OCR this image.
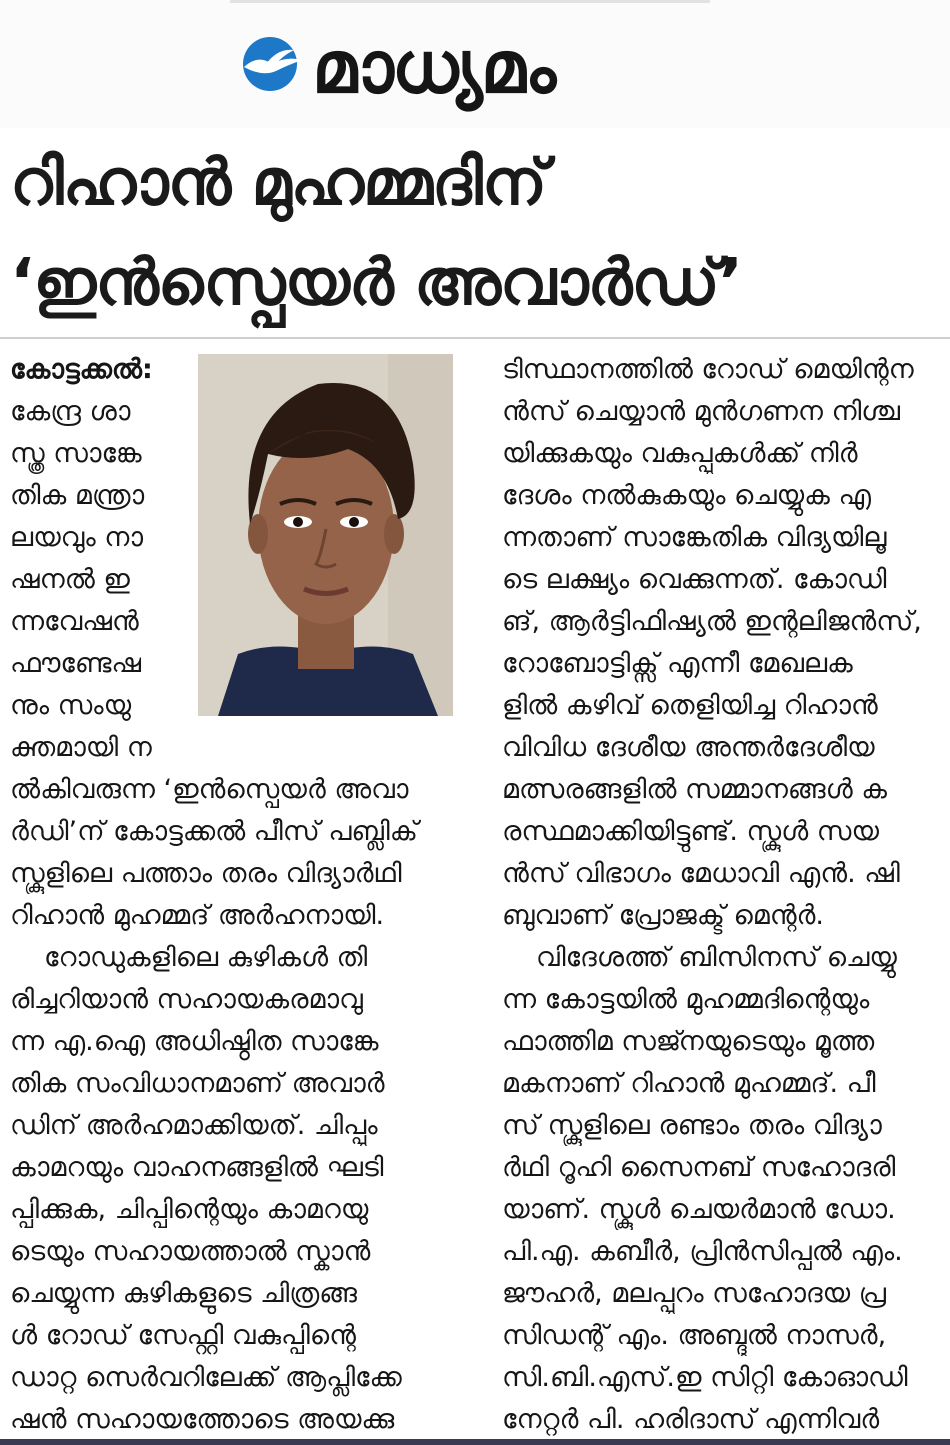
മാധ്യമം
റിഹാൻ മുഹമ്മദിന്
‘ഇൻസ്പെയർ അവാർഡ്’
കോട്ടക്കൽ:
കേന്ദ്ര ശാ
സ്ത്ര സാങ്കേ
തിക മന്ത്രാ
ലയവും നാ
ഷനൽ ഇ
ന്നവേഷൻ
ഫൗണ്ടേഷ
നും സംയു
ക്തമായി ന
ൽകിവരുന്ന ‘ഇൻസ്പെയർ അവാ
ർഡി’ന് കോട്ടക്കൽ പീസ് പബ്ലിക്
സ്കൂളിലെ പത്താം തരം വിദ്യാർഥി
റിഹാൻ മുഹമ്മദ് അർഹനായി.
റോഡുകളിലെ കുഴികൾ തി
രിച്ചറിയാൻ സഹായകരമാവു
ന്ന എ.ഐ അധിഷ്ഠിത സാങ്കേ
തിക സംവിധാനമാണ് അവാർ
ഡിന് അർഹമാക്കിയത്. ചിപ്പും
കാമറയും വാഹനങ്ങളിൽ ഘടി
പ്പിക്കുക, ചിപ്പിന്റെയും കാമറയു
ടെയും സഹായത്താൽ സ്കാൻ
ചെയ്യുന്ന കുഴികളുടെ ചിത്രങ്ങ
ൾ റോഡ് സേഫ്റ്റി വകുപ്പിന്റെ
ഡാറ്റ സെർവറിലേക്ക് ആപ്ലിക്കേ
ഷൻ സഹായത്തോടെ അയക്കു
ടിസ്ഥാനത്തിൽ റോഡ് മെയിന്റന
ൻസ് ചെയ്യാൻ മുൻഗണന നിശ്ച
യിക്കുകയും വകുപ്പുകൾക്ക് നിർ
ദേശം നൽകുകയും ചെയ്യുക എ
ന്നതാണ് സാങ്കേതിക വിദ്യയിലൂ
ടെ ലക്ഷ്യം വെക്കുന്നത്. കോഡി
ങ്, ആർട്ടിഫിഷ്യൽ ഇന്റലിജൻസ്,
റോബോട്ടിക്സ് എന്നീ മേഖലക
ളിൽ കഴിവ് തെളിയിച്ച റിഹാൻ
വിവിധ ദേശീയ അന്തർദേശീയ
മത്സരങ്ങളിൽ സമ്മാനങ്ങൾ ക
രസ്ഥമാക്കിയിട്ടുണ്ട്. സ്കൂൾ സയ
ൻസ് വിഭാഗം മേധാവി എൻ. ഷി
ബുവാണ് പ്രോജക്ട് മെന്റർ.
വിദേശത്ത് ബിസിനസ് ചെയ്യു
ന്ന കോട്ടയിൽ മുഹമ്മദിന്റെയും
ഫാത്തിമ സജ്നയുടെയും മൂത്ത
മകനാണ് റിഹാൻ മുഹമ്മദ്. പീ
സ് സ്കൂളിലെ രണ്ടാം തരം വിദ്യാ
ർഥി റൂഹി സൈനബ് സഹോദരി
യാണ്. സ്കൂൾ ചെയർമാൻ ഡോ.
പി.എ. കബീർ, പ്രിൻസിപ്പൽ എം.
ജൗഹർ, മലപ്പുറം സഹോദയ പ്ര
സിഡന്റ് എം. അബ്ദുൽ നാസർ,
സി.ബി.എസ്.ഇ സിറ്റി കോഓഡി
നേറ്റർ പി. ഹരിദാസ് എന്നിവർ
